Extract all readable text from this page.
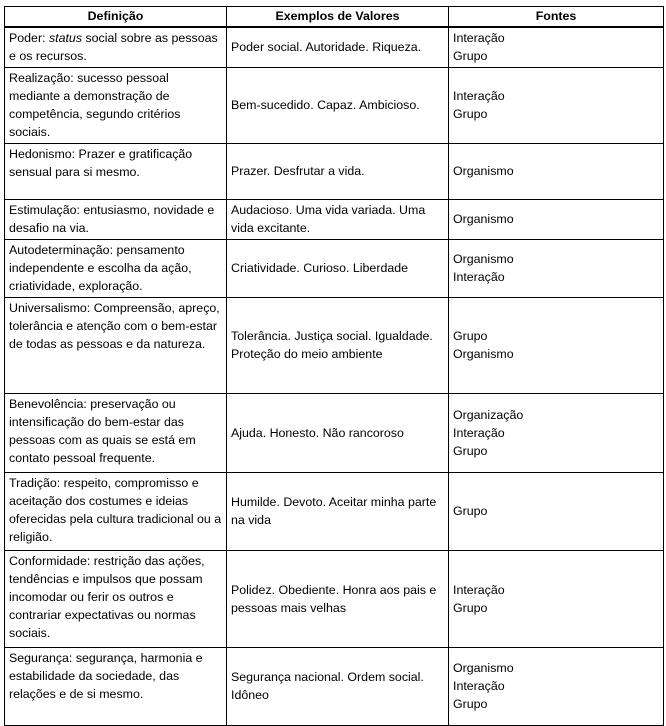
Definição	Exemplos de Valores	Fontes
Poder: status social sobre as pessoas e os recursos.	Poder social. Autoridade. Riqueza.	Interação
Grupo

Realização: sucesso pessoal mediante a demonstração de competência, segundo critérios sociais.	Bem-sucedido. Capaz. Ambicioso.	Interação
Grupo

Hedonismo: Prazer e gratificação sensual para si mesmo.	Prazer. Desfrutar a vida.	Organismo

Estimulação: entusiasmo, novidade e desafio na via.	Audacioso. Uma vida variada. Uma vida excitante.	Organismo

Autodeterminação: pensamento independente e escolha da ação, criatividade, exploração.	Criatividade. Curioso. Liberdade	Organismo
Interação

Universalismo: Compreensão, apreço, tolerância e atenção com o bem-estar de todas as pessoas e da natureza.	Tolerância. Justiça social. Igualdade. Proteção do meio ambiente	Grupo
Organismo

Benevolência: preservação ou intensificação do bem-estar das pessoas com as quais se está em contato pessoal frequente.	Ajuda. Honesto. Não rancoroso	Organização
Interação
Grupo

Tradição: respeito, compromisso e aceitação dos costumes e ideias oferecidas pela cultura tradicional ou a religião.	Humilde. Devoto. Aceitar minha parte na vida	Grupo

Conformidade: restrição das ações, tendências e impulsos que possam incomodar ou ferir os outros e contrariar expectativas ou normas sociais.	Polidez. Obediente. Honra aos pais e pessoas mais velhas	Interação
Grupo

Segurança: segurança, harmonia e estabilidade da sociedade, das relações e de si mesmo.	Segurança nacional. Ordem social. Idôneo	Organismo
Interação
Grupo
